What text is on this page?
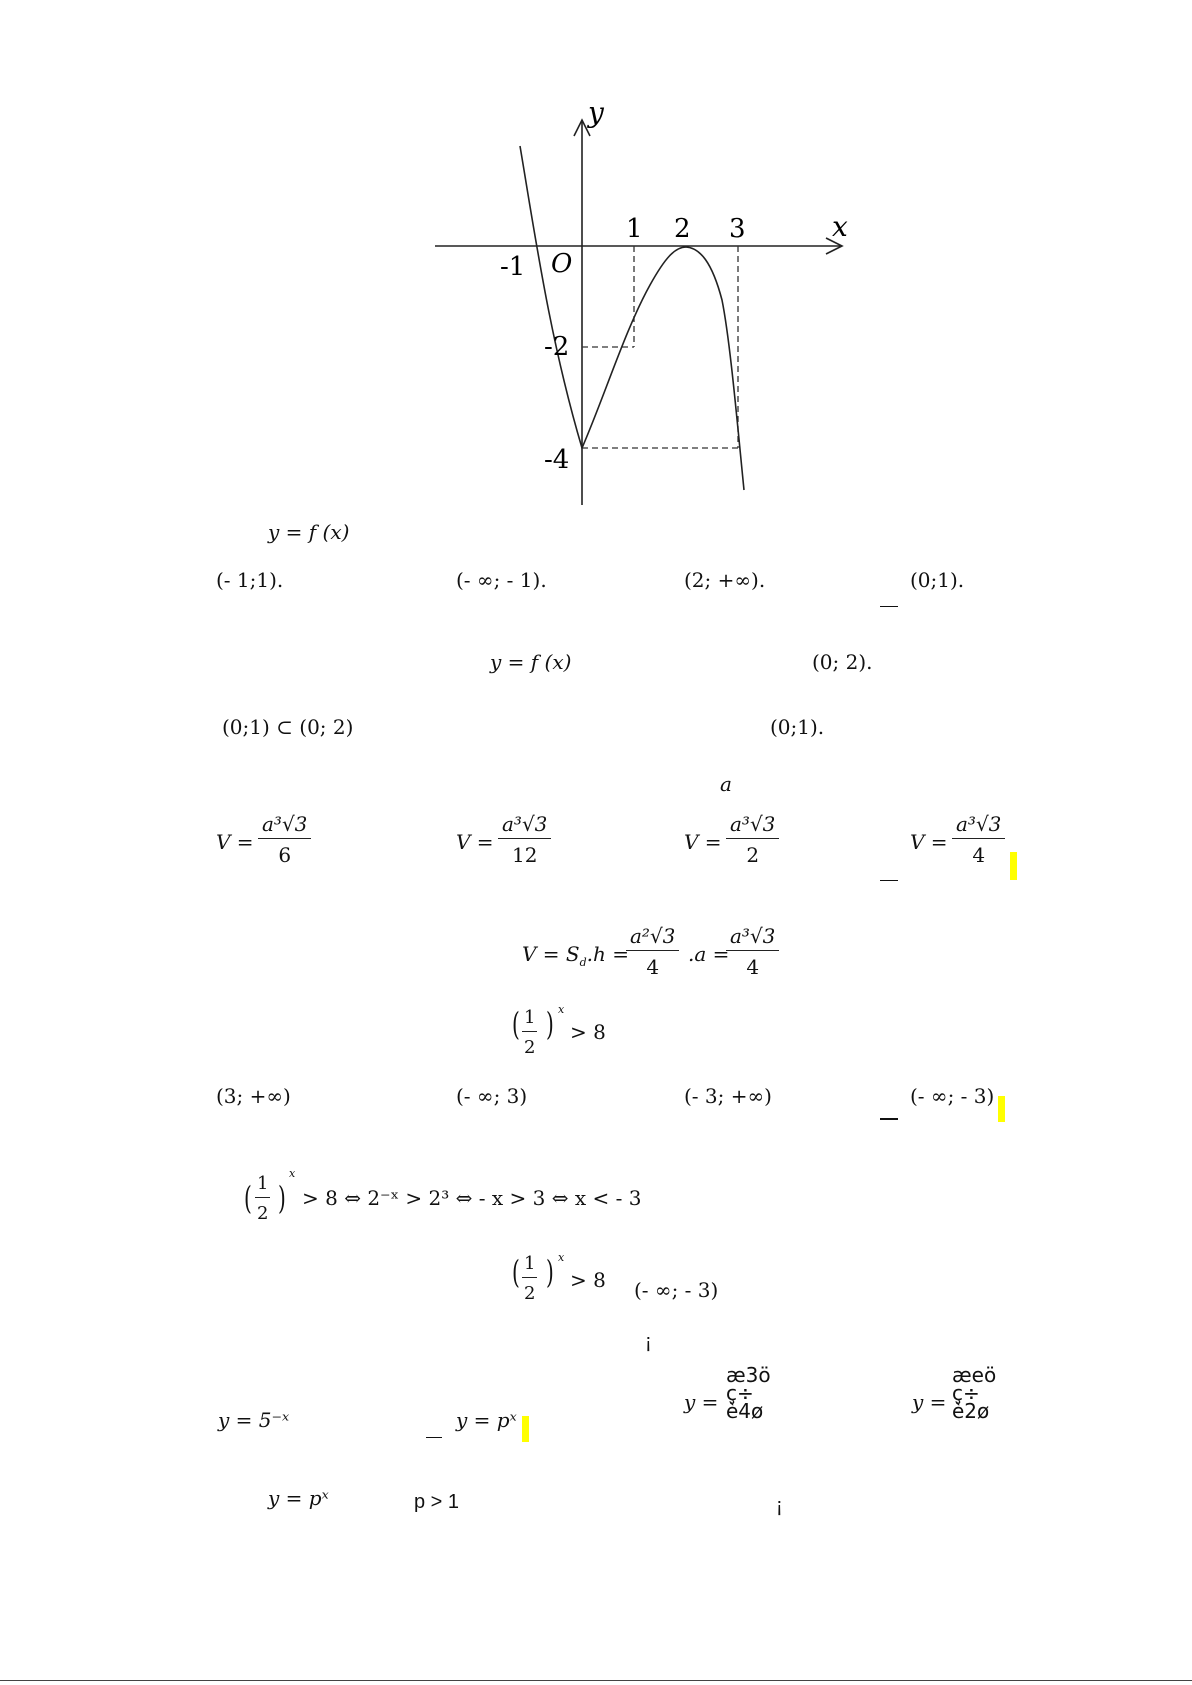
y
x
O
-1
1 2 3
-2
-4
y = f (x)
(- 1;1).	(- ∞; - 1).	(2; +∞).	(0;1).
y = f (x)	(0; 2).
(0;1) ⊂ (0; 2)	(0;1).
a
$V = \frac{\text{a³√3}}{6}$	$V = \frac{\text{a³√3}}{12}$	$V = \frac{\text{a³√3}}{2}$	$V = \frac{\text{a³√3}}{4}$
$V = S_d.h$ =
$\frac{\text{a²√3}}{4} .a$ =
$\frac{\text{a³√3}}{4}$
( $\frac{1}{2}$ ) x
> 8
(3; +∞)	(- ∞; 3)	(- 3; +∞)	(- ∞; - 3)
( $\frac{1}{2}$ )
x
> 8 ⇔ 2⁻ˣ > 2³ ⇔ - x > 3 ⇔ x < - 3
( $\frac{1}{2}$ ) x
> 8 (- ∞; - 3)
¡
y = 5⁻ˣ	y = pˣ
y =
æ3ö
ç÷
è4ø	y =
æeö
ç÷
è2ø
y = pˣ	p > 1	¡
